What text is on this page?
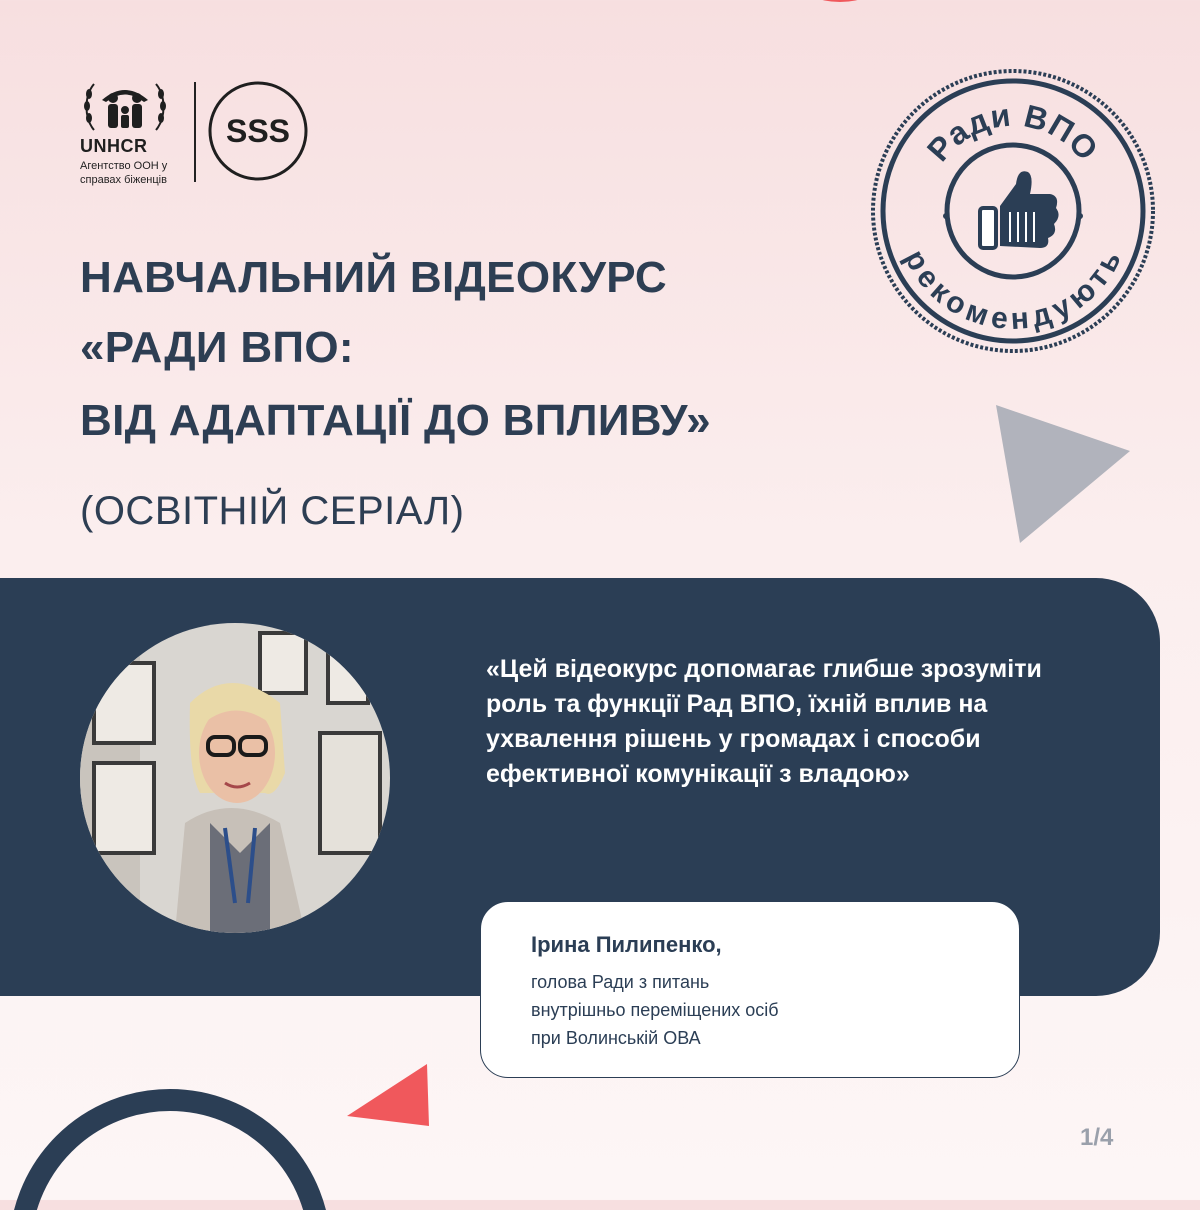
UNHCR
Агентство ООН у
справах біженців
SSS
НАВЧАЛЬНИЙ ВІДЕОКУРС
«РАДИ ВПО:
ВІД АДАПТАЦІЇ ДО ВПЛИВУ»
(ОСВІТНІЙ СЕРІАЛ)
Ради ВПО
рекомендують
«Цей відеокурс допомагає глибше зрозуміти роль та функції Рад ВПО, їхній вплив на ухвалення рішень у громадах і способи ефективної комунікації з владою»
Ірина Пилипенко,
голова Ради з питань
внутрішньо переміщених осіб
при Волинській ОВА
1/4
